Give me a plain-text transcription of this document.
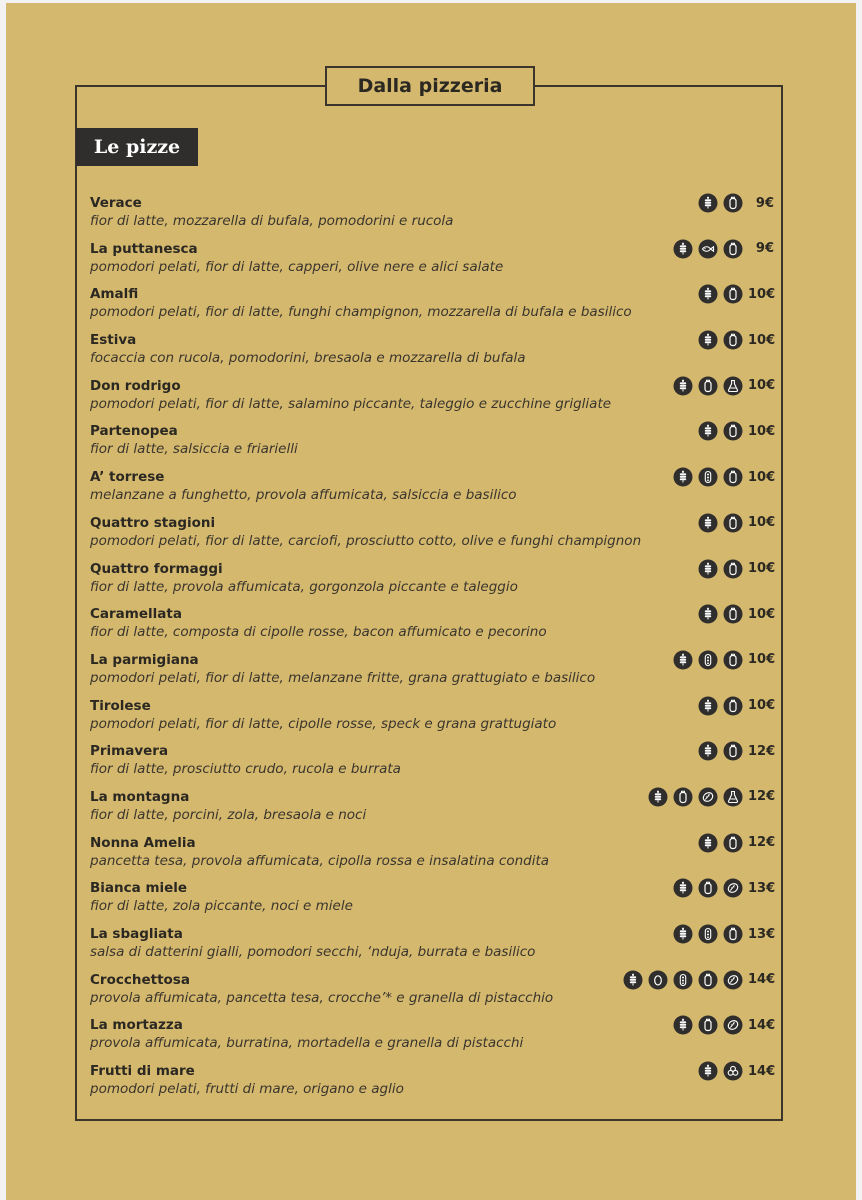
Dalla pizzeria
Le pizze
Verace
fior di latte, mozzarella di bufala, pomodorini e rucola
9€
La puttanesca
pomodori pelati, fior di latte, capperi, olive nere e alici salate
9€
Amalfi
pomodori pelati, fior di latte, funghi champignon, mozzarella di bufala e basilico
10€
Estiva
focaccia con rucola, pomodorini, bresaola e mozzarella di bufala
10€
Don rodrigo
pomodori pelati, fior di latte, salamino piccante, taleggio e zucchine grigliate
10€
Partenopea
fior di latte, salsiccia e friarielli
10€
A’ torrese
melanzane a funghetto, provola affumicata, salsiccia e basilico
10€
Quattro stagioni
pomodori pelati, fior di latte, carciofi, prosciutto cotto, olive e funghi champignon
10€
Quattro formaggi
fior di latte, provola affumicata, gorgonzola piccante e taleggio
10€
Caramellata
fior di latte, composta di cipolle rosse, bacon affumicato e pecorino
10€
La parmigiana
pomodori pelati, fior di latte, melanzane fritte, grana grattugiato e basilico
10€
Tirolese
pomodori pelati, fior di latte, cipolle rosse, speck e grana grattugiato
10€
Primavera
fior di latte, prosciutto crudo, rucola e burrata
12€
La montagna
fior di latte, porcini, zola, bresaola e noci
12€
Nonna Amelia
pancetta tesa, provola affumicata, cipolla rossa e insalatina condita
12€
Bianca miele
fior di latte, zola piccante, noci e miele
13€
La sbagliata
salsa di datterini gialli, pomodori secchi, ‘nduja, burrata e basilico
13€
Crocchettosa
provola affumicata, pancetta tesa, crocche’* e granella di pistacchio
14€
La mortazza
provola affumicata, burratina, mortadella e granella di pistacchi
14€
Frutti di mare
pomodori pelati, frutti di mare, origano e aglio
14€
